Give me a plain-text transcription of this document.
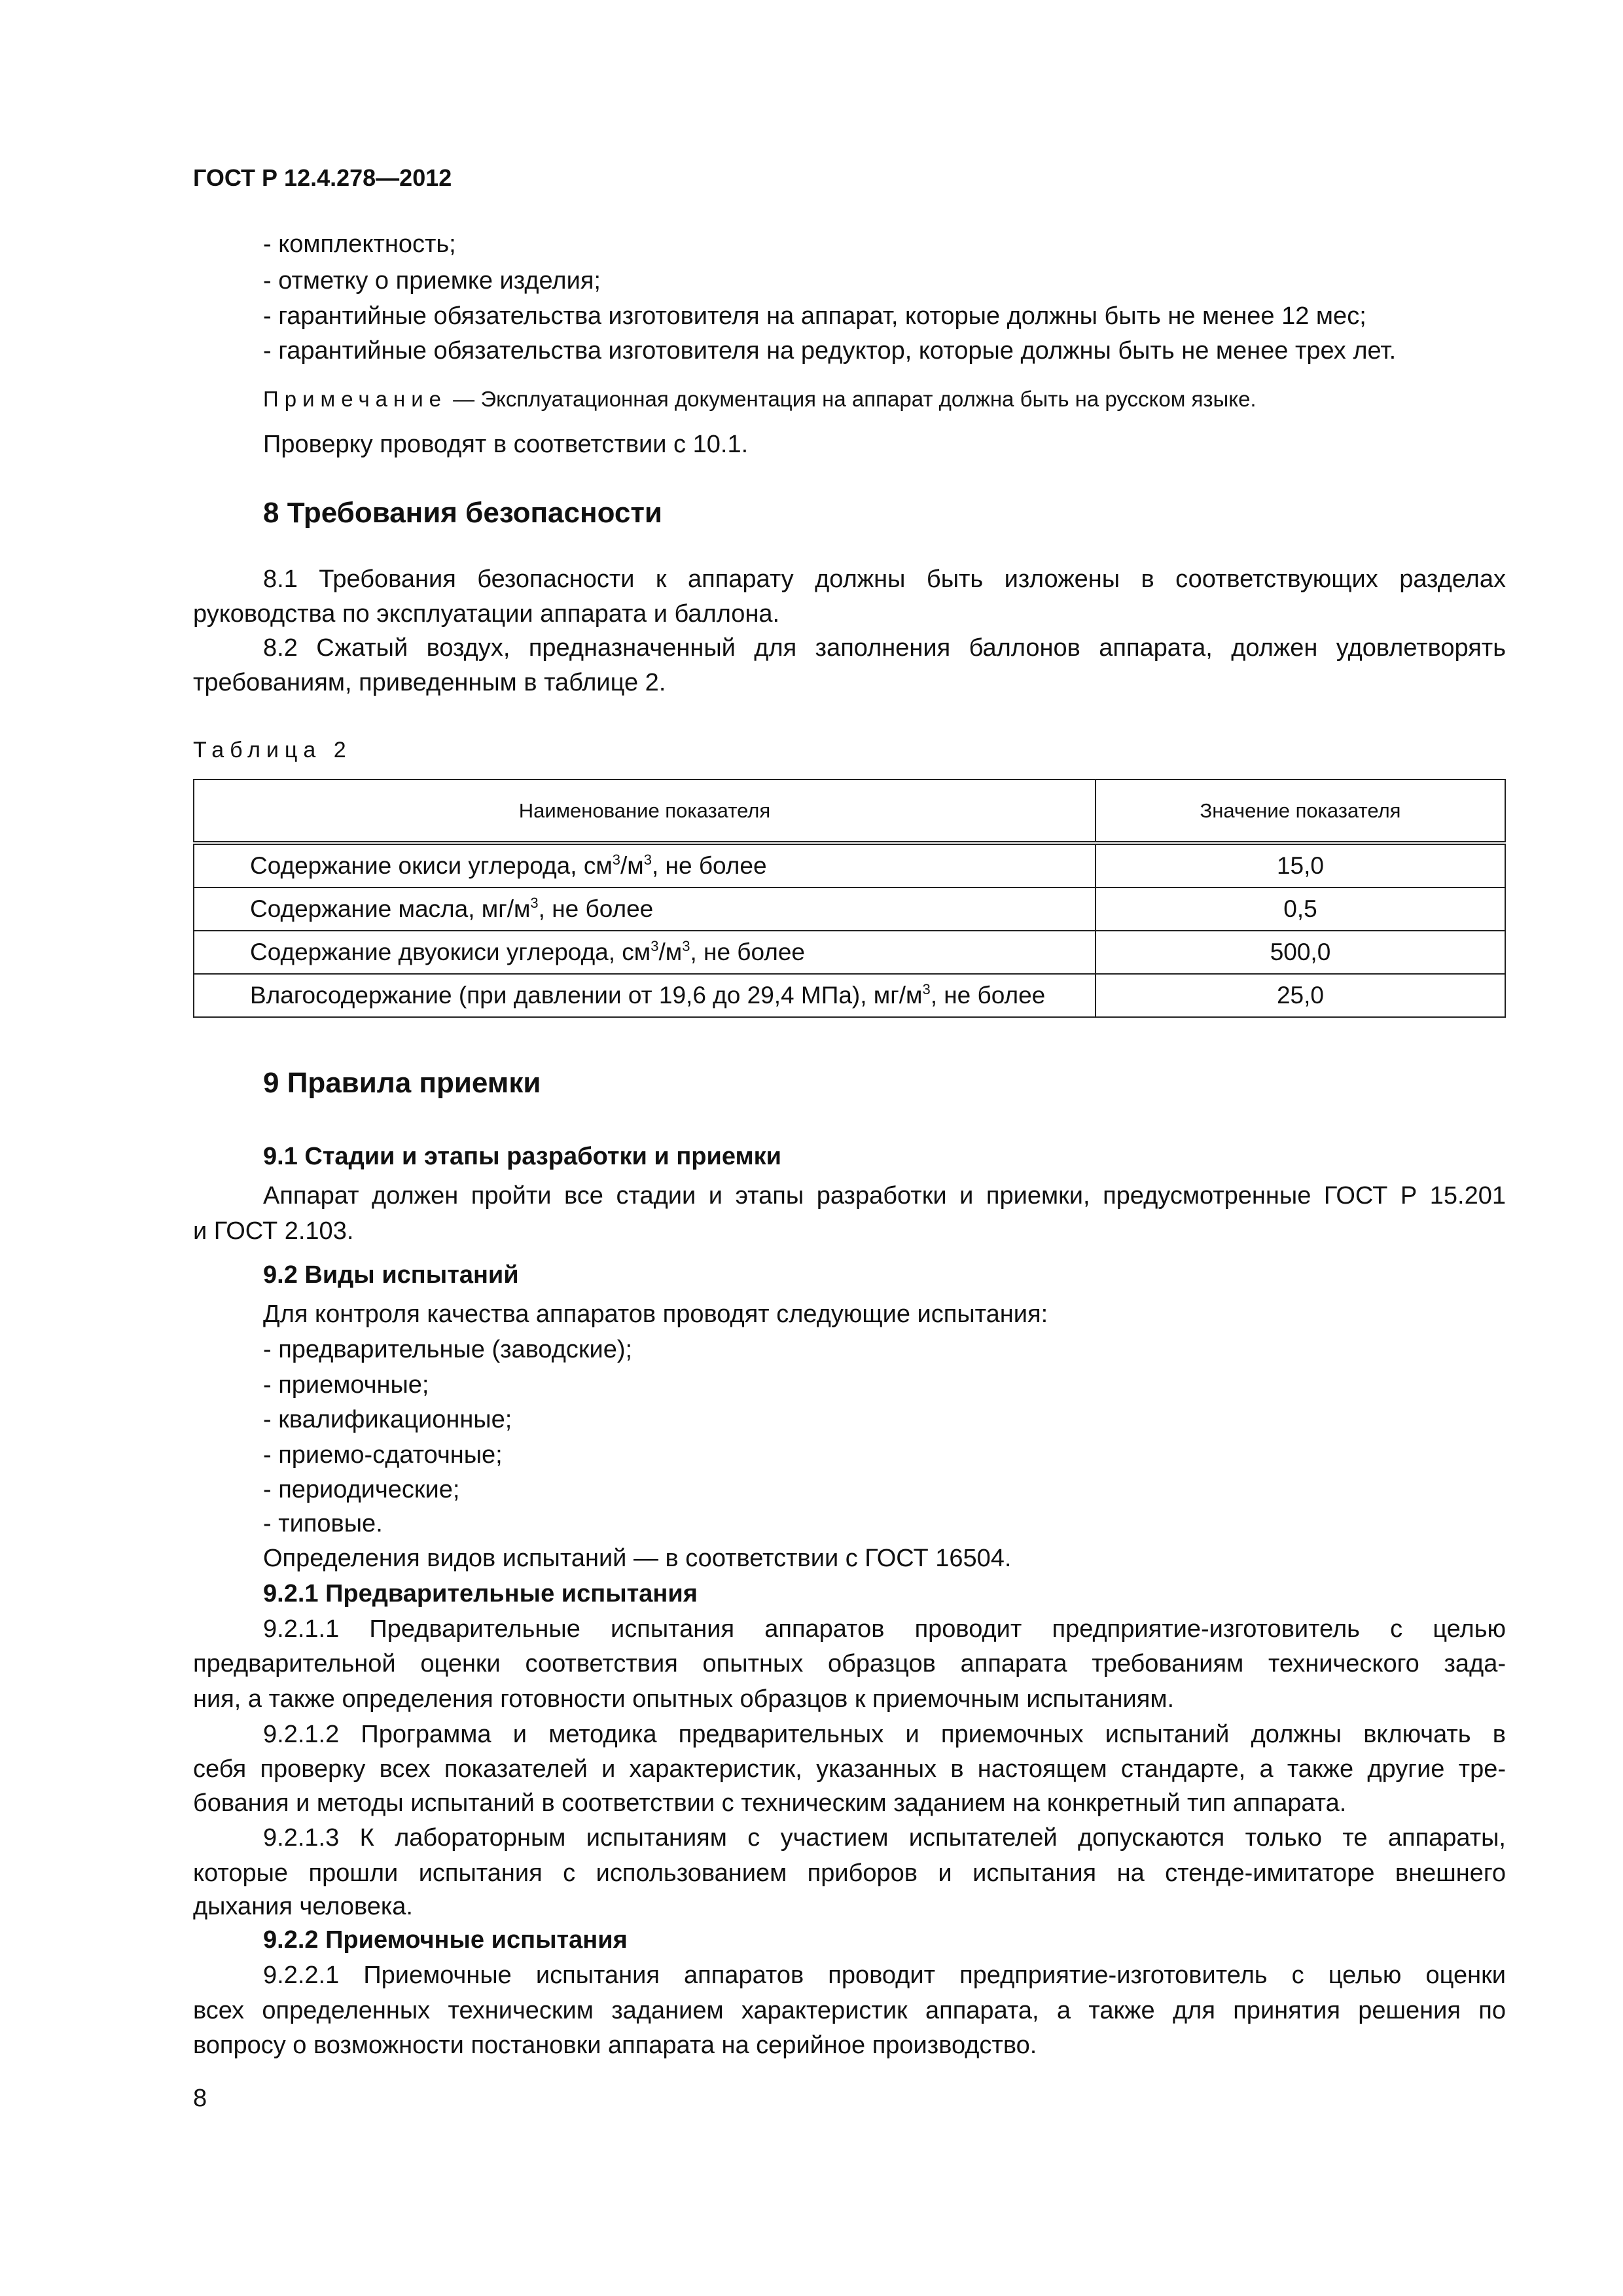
Наименование показателя	Значение показателя
Содержание окиси углерода, $см^3/м^3$, не более	15,0
Содержание масла, $мг/м^3$, не более	0,5
Содержание двуокиси углерода, $см^3/м^3$, не более	500,0
Влагосодержание (при давлении от 19,6 до 29,4 МПа), $мг/м^3$, не более	25,0
ГОСТ Р 12.4.278—2012
- комплектность;
- отметку о приемке изделия;
- гарантийные обязательства изготовителя на аппарат, которые должны быть не менее 12 мес;
- гарантийные обязательства изготовителя на редуктор, которые должны быть не менее трех лет.
Примечание — Эксплуатационная документация на аппарат должна быть на русском языке.
Проверку проводят в соответствии с 10.1.
8 Требования безопасности
8.1 Требования безопасности к аппарату должны быть изложены в соответствующих разделах
руководства по эксплуатации аппарата и баллона.
8.2 Сжатый воздух, предназначенный для заполнения баллонов аппарата, должен удовлетворять
требованиям, приведенным в таблице 2.
Таблица 2
9 Правила приемки
9.1 Стадии и этапы разработки и приемки
Аппарат должен пройти все стадии и этапы разработки и приемки, предусмотренные ГОСТ Р 15.201
и ГОСТ 2.103.
9.2 Виды испытаний
Для контроля качества аппаратов проводят следующие испытания:
- предварительные (заводские);
- приемочные;
- квалификационные;
- приемо-сдаточные;
- периодические;
- типовые.
Определения видов испытаний — в соответствии с ГОСТ 16504.
9.2.1 Предварительные испытания
9.2.1.1 Предварительные испытания аппаратов проводит предприятие-изготовитель с целью
предварительной оценки соответствия опытных образцов аппарата требованиям технического зада-
ния, а также определения готовности опытных образцов к приемочным испытаниям.
9.2.1.2 Программа и методика предварительных и приемочных испытаний должны включать в
себя проверку всех показателей и характеристик, указанных в настоящем стандарте, а также другие тре-
бования и методы испытаний в соответствии с техническим заданием на конкретный тип аппарата.
9.2.1.3 К лабораторным испытаниям с участием испытателей допускаются только те аппараты,
которые прошли испытания с использованием приборов и испытания на стенде-имитаторе внешнего
дыхания человека.
9.2.2 Приемочные испытания
9.2.2.1 Приемочные испытания аппаратов проводит предприятие-изготовитель с целью оценки
всех определенных техническим заданием характеристик аппарата, а также для принятия решения по
вопросу о возможности постановки аппарата на серийное производство.
8
